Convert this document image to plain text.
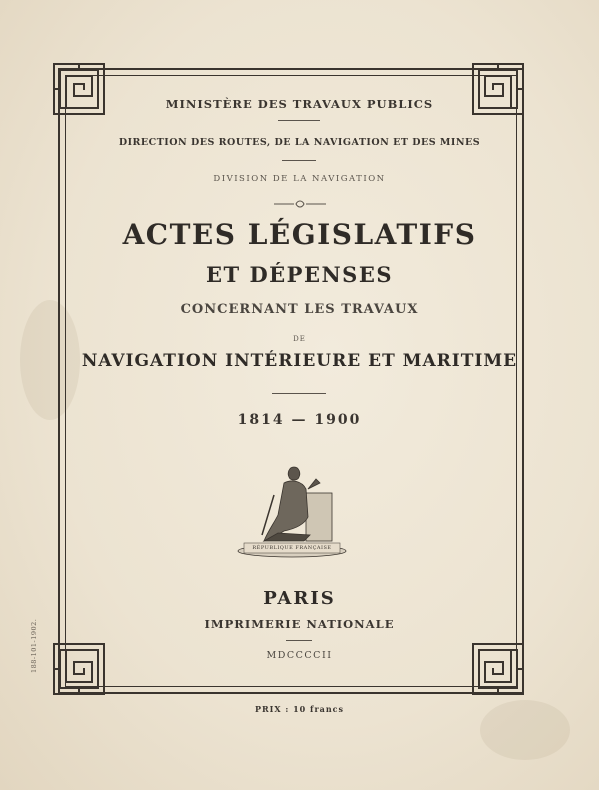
MINISTÈRE DES TRAVAUX PUBLICS
DIRECTION DES ROUTES, DE LA NAVIGATION ET DES MINES
DIVISION DE LA NAVIGATION
ACTES LÉGISLATIFS
ET DÉPENSES
CONCERNANT LES TRAVAUX
DE
NAVIGATION INTÉRIEURE ET MARITIME
1814 — 1900
RÉPUBLIQUE FRANÇAISE
PARIS
IMPRIMERIE NATIONALE
MDCCCCII
PRIX : 10 francs
188-101-1902.
